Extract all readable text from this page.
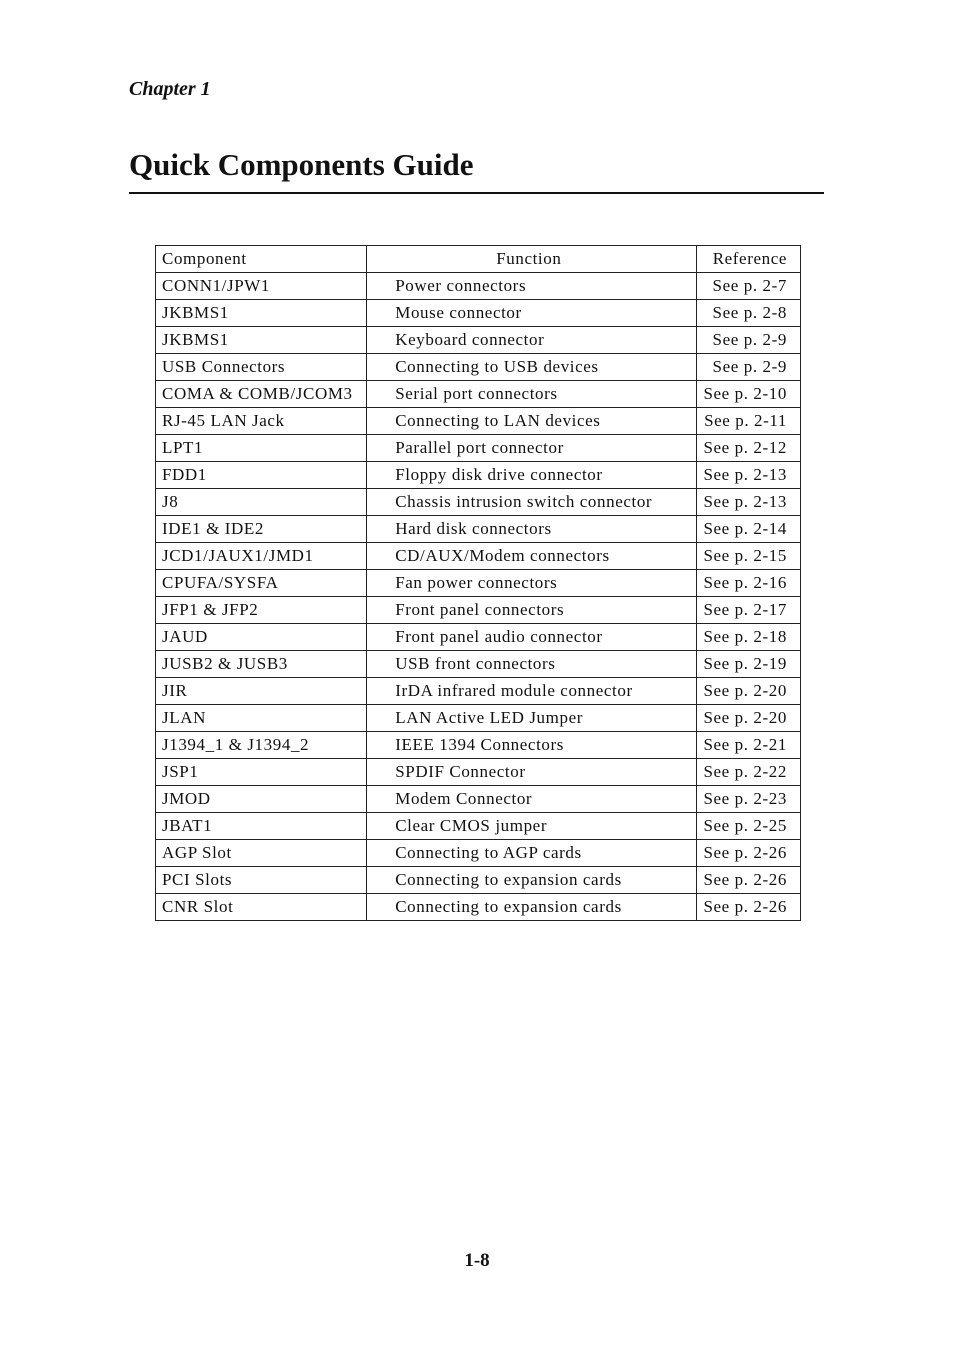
Chapter 1
Quick Components Guide
Component	Function	Reference
CONN1/JPW1	Power connectors	See p. 2-7
JKBMS1	Mouse connector	See p. 2-8
JKBMS1	Keyboard connector	See p. 2-9
USB Connectors	Connecting to USB devices	See p. 2-9
COMA & COMB/JCOM3	Serial port connectors	See p. 2-10
RJ-45 LAN Jack	Connecting to LAN devices	See p. 2-11
LPT1	Parallel port connector	See p. 2-12
FDD1	Floppy disk drive connector	See p. 2-13
J8	Chassis intrusion switch connector	See p. 2-13
IDE1 & IDE2	Hard disk connectors	See p. 2-14
JCD1/JAUX1/JMD1	CD/AUX/Modem connectors	See p. 2-15
CPUFA/SYSFA	Fan power connectors	See p. 2-16
JFP1 & JFP2	Front panel connectors	See p. 2-17
JAUD	Front panel audio connector	See p. 2-18
JUSB2 & JUSB3	USB front connectors	See p. 2-19
JIR	IrDA infrared module connector	See p. 2-20
JLAN	LAN Active LED Jumper	See p. 2-20
J1394_1 & J1394_2	IEEE 1394 Connectors	See p. 2-21
JSP1	SPDIF Connector	See p. 2-22
JMOD	Modem Connector	See p. 2-23
JBAT1	Clear CMOS jumper	See p. 2-25
AGP Slot	Connecting to AGP cards	See p. 2-26
PCI Slots	Connecting to expansion cards	See p. 2-26
CNR Slot	Connecting to expansion cards	See p. 2-26
1-8
